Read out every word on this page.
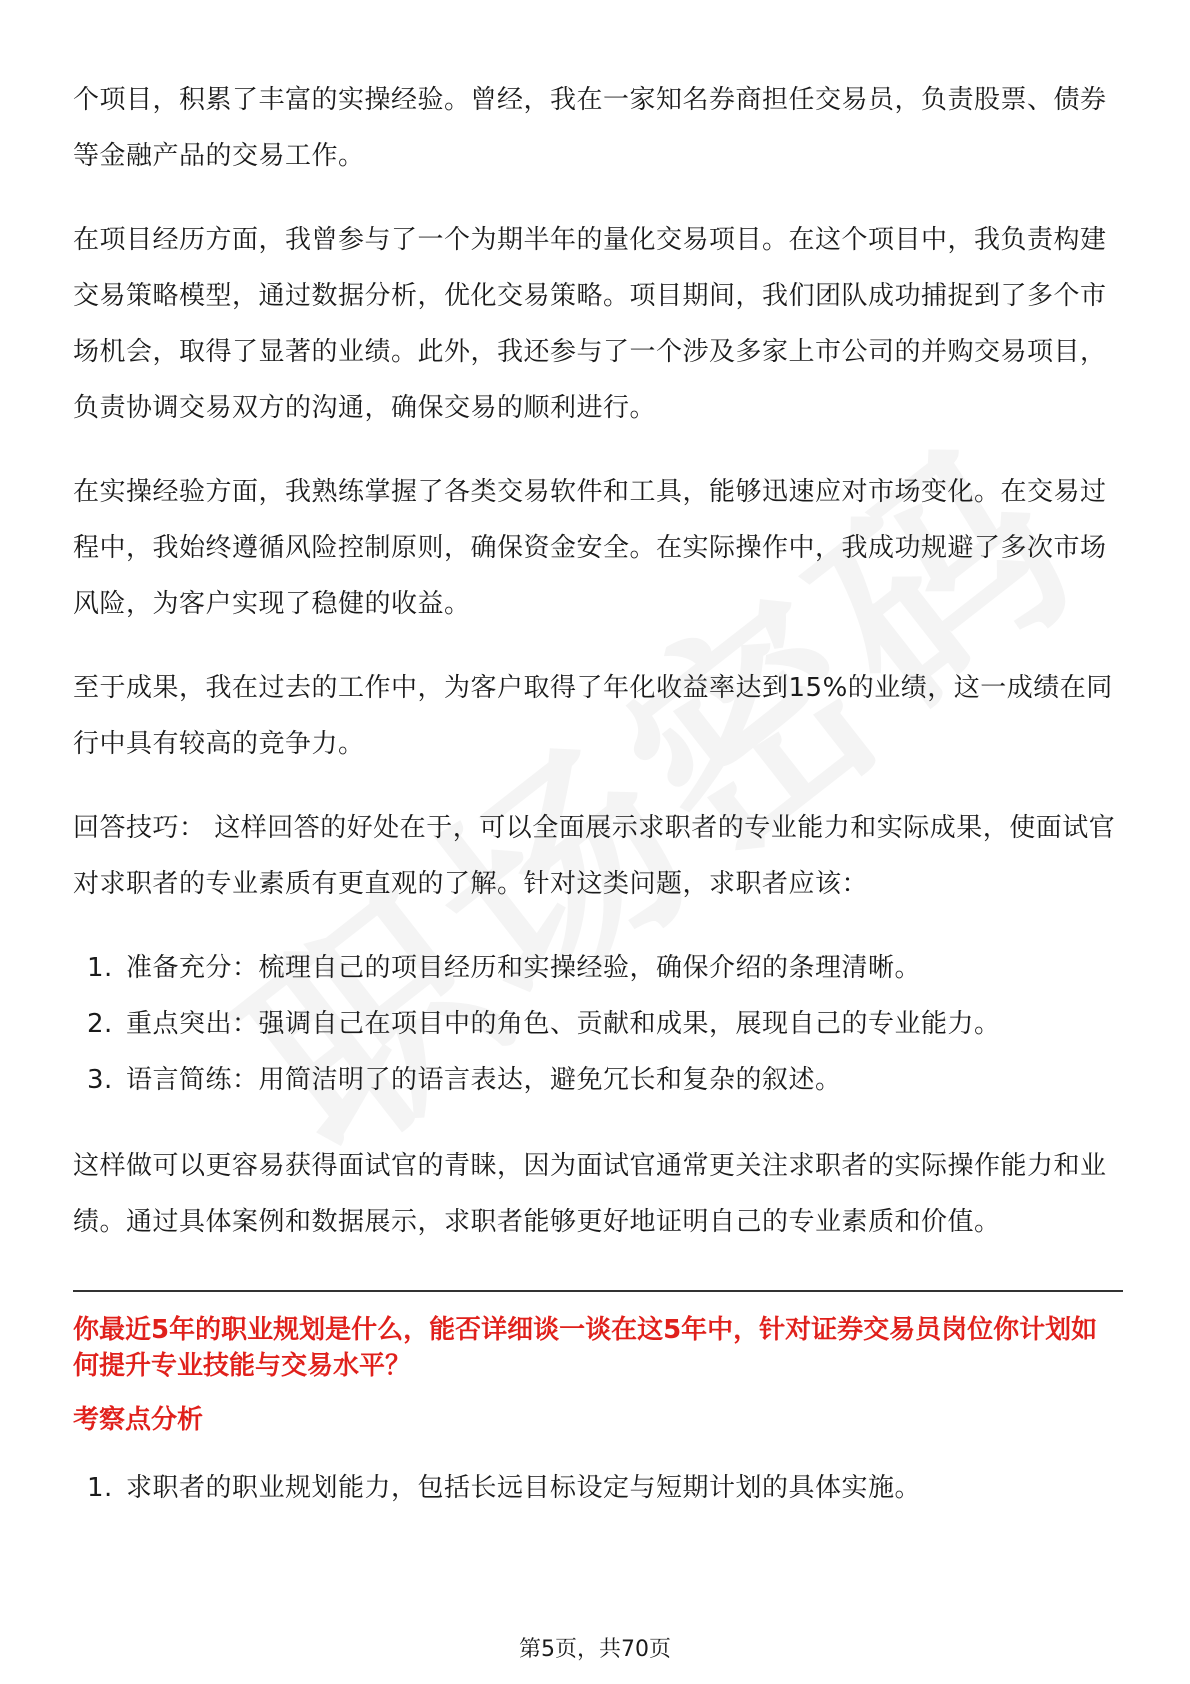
个项目，积累了丰富的实操经验。曾经，我在一家知名券商担任交易员，负责股票、债券等金融产品的交易工作。

在项目经历方面，我曾参与了一个为期半年的量化交易项目。在这个项目中，我负责构建交易策略模型，通过数据分析，优化交易策略。项目期间，我们团队成功捕捉到了多个市场机会，取得了显著的业绩。此外，我还参与了一个涉及多家上市公司的并购交易项目，负责协调交易双方的沟通，确保交易的顺利进行。

在实操经验方面，我熟练掌握了各类交易软件和工具，能够迅速应对市场变化。在交易过程中，我始终遵循风险控制原则，确保资金安全。在实际操作中，我成功规避了多次市场风险，为客户实现了稳健的收益。

至于成果，我在过去的工作中，为客户取得了年化收益率达到15%的业绩，这一成绩在同行中具有较高的竞争力。

回答技巧： 这样回答的好处在于，可以全面展示求职者的专业能力和实际成果，使面试官对求职者的专业素质有更直观的了解。针对这类问题，求职者应该：

1. 准备充分：梳理自己的项目经历和实操经验，确保介绍的条理清晰。
2. 重点突出：强调自己在项目中的角色、贡献和成果，展现自己的专业能力。
3. 语言简练：用简洁明了的语言表达，避免冗长和复杂的叙述。

这样做可以更容易获得面试官的青睐，因为面试官通常更关注求职者的实际操作能力和业绩。通过具体案例和数据展示，求职者能够更好地证明自己的专业素质和价值。

你最近5年的职业规划是什么，能否详细谈一谈在这5年中，针对证券交易员岗位你计划如何提升专业技能与交易水平？
考察点分析
1. 求职者的职业规划能力，包括长远目标设定与短期计划的具体实施。
第5页，共70页
